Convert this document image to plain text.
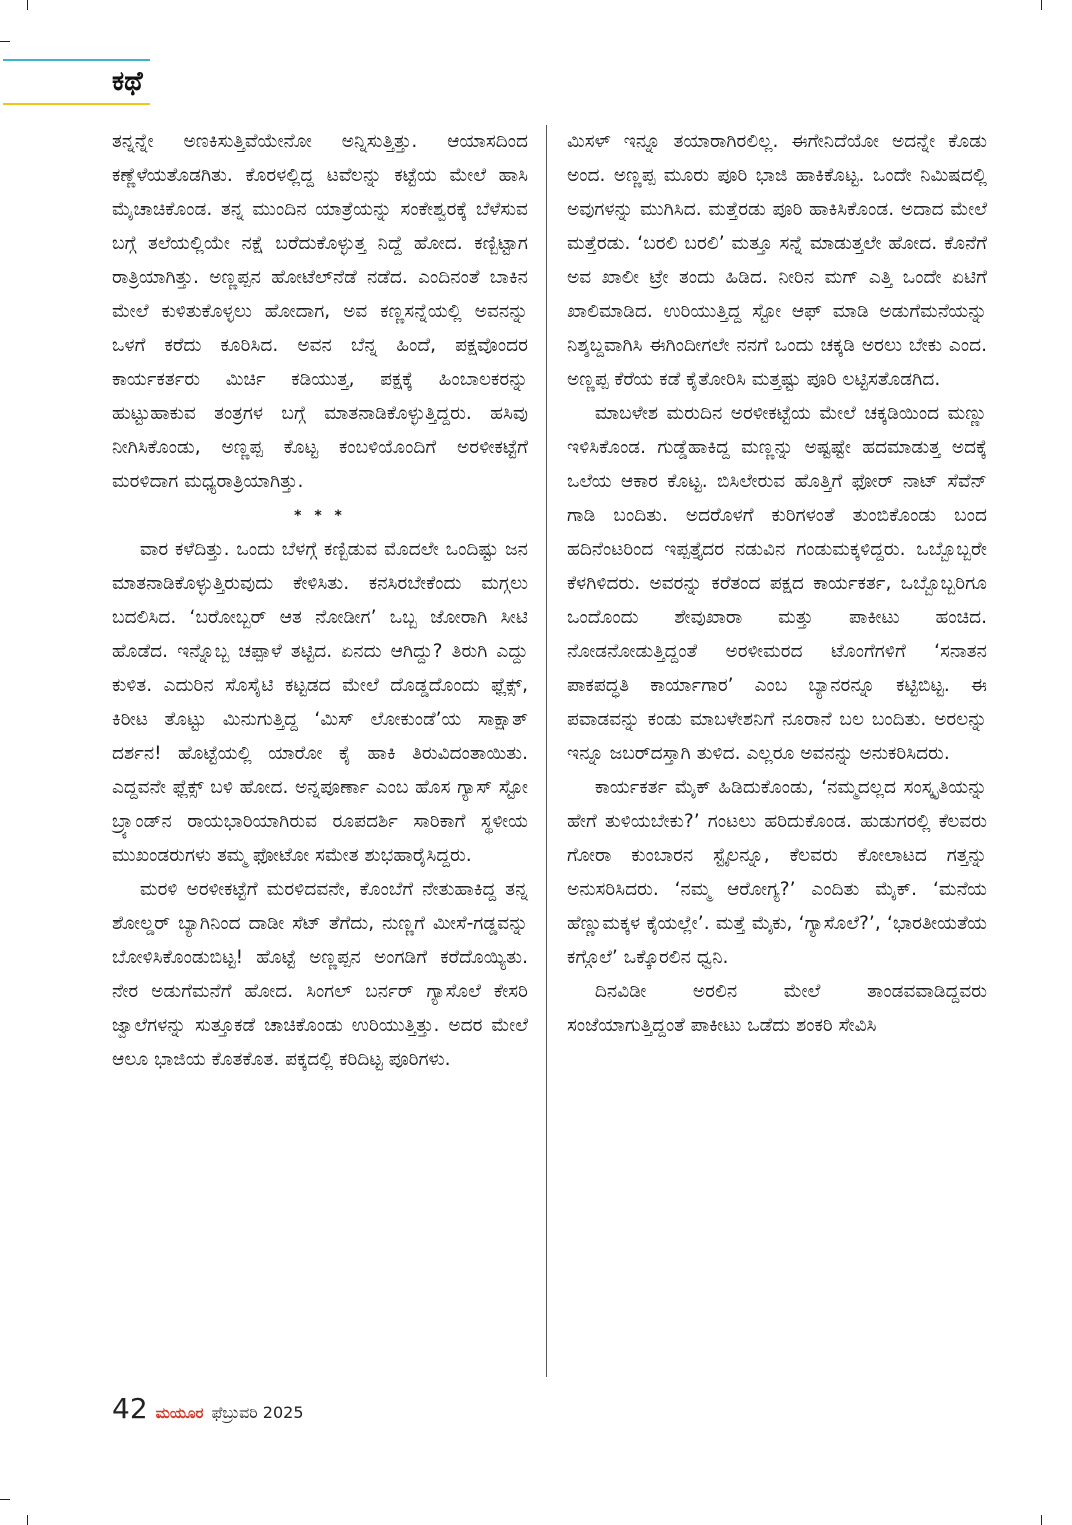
ಕಥೆ

ತನ್ನನ್ನೇ ಅಣಕಿಸುತ್ತಿವೆಯೇನೋ ಅನ್ನಿಸುತ್ತಿತ್ತು. ಆಯಾಸದಿಂದ ಕಣ್ಣೆಳೆಯತೊಡಗಿತು. ಕೊರಳಲ್ಲಿದ್ದ ಟವೆಲನ್ನು ಕಟ್ಟೆಯ ಮೇಲೆ ಹಾಸಿ ಮೈಚಾಚಿಕೊಂಡ. ತನ್ನ ಮುಂದಿನ ಯಾತ್ರೆಯನ್ನು ಸಂಕೇಶ್ವರಕ್ಕೆ ಬೆಳೆಸುವ ಬಗ್ಗೆ ತಲೆಯಲ್ಲಿಯೇ ನಕ್ಷೆ ಬರೆದುಕೊಳ್ಳುತ್ತ ನಿದ್ದೆ ಹೋದ. ಕಣ್ಬಿಟ್ಟಾಗ ರಾತ್ರಿಯಾಗಿತ್ತು. ಅಣ್ಣಪ್ಪನ ಹೋಟೆಲ್‌ನೆಡೆ ನಡೆದ. ಎಂದಿನಂತೆ ಬಾಕಿನ ಮೇಲೆ ಕುಳಿತುಕೊಳ್ಳಲು ಹೋದಾಗ, ಅವ ಕಣ್ಣಸನ್ನೆಯಲ್ಲಿ ಅವನನ್ನು ಒಳಗೆ ಕರೆದು ಕೂರಿಸಿದ. ಅವನ ಬೆನ್ನ ಹಿಂದೆ, ಪಕ್ಷವೊಂದರ ಕಾರ್ಯಕರ್ತರು ಮಿರ್ಚಿ ಕಡಿಯುತ್ತ, ಪಕ್ಷಕ್ಕೆ ಹಿಂಬಾಲಕರನ್ನು ಹುಟ್ಟುಹಾಕುವ ತಂತ್ರಗಳ ಬಗ್ಗೆ ಮಾತನಾಡಿಕೊಳ್ಳುತ್ತಿದ್ದರು. ಹಸಿವು ನೀಗಿಸಿಕೊಂಡು, ಅಣ್ಣಪ್ಪ ಕೊಟ್ಟ ಕಂಬಳಿಯೊಂದಿಗೆ ಅರಳೀಕಟ್ಟೆಗೆ ಮರಳಿದಾಗ ಮಧ್ಯರಾತ್ರಿಯಾಗಿತ್ತು.

* * *

ವಾರ ಕಳೆದಿತ್ತು. ಒಂದು ಬೆಳಗ್ಗೆ ಕಣ್ಬಿಡುವ ಮೊದಲೇ ಒಂದಿಷ್ಟು ಜನ ಮಾತನಾಡಿಕೊಳ್ಳುತ್ತಿರುವುದು ಕೇಳಿಸಿತು. ಕನಸಿರಬೇಕೆಂದು ಮಗ್ಗಲು ಬದಲಿಸಿದ. ‘ಬರೋಬ್ಬರ್ ಆತ ನೋಡೀಗ’ ಒಬ್ಬ ಜೋರಾಗಿ ಸೀಟಿ ಹೊಡೆದ. ಇನ್ನೊಬ್ಬ ಚಪ್ಪಾಳೆ ತಟ್ಟಿದ. ಏನದು ಆಗಿದ್ದು? ತಿರುಗಿ ಎದ್ದು ಕುಳಿತ. ಎದುರಿನ ಸೊಸೈಟಿ ಕಟ್ಟಡದ ಮೇಲೆ ದೊಡ್ಡದೊಂದು ಫ್ಲೆಕ್ಸ್, ಕಿರೀಟ ತೊಟ್ಟು ಮಿನುಗುತ್ತಿದ್ದ ‘ಮಿಸ್ ಲೋಕುಂಡೆ’ಯ ಸಾಕ್ಷಾತ್ ದರ್ಶನ! ಹೊಟ್ಟೆಯಲ್ಲಿ ಯಾರೋ ಕೈ ಹಾಕಿ ತಿರುವಿದಂತಾಯಿತು. ಎದ್ದವನೇ ಫ್ಲೆಕ್ಸ್ ಬಳಿ ಹೋದ. ಅನ್ನಪೂರ್ಣಾ ಎಂಬ ಹೊಸ ಗ್ಯಾಸ್ ಸ್ಟೋ ಬ್ರ್ಯಾಂಡ್‌ನ ರಾಯಭಾರಿಯಾಗಿರುವ ರೂಪದರ್ಶಿ ಸಾರಿಕಾಗೆ ಸ್ಥಳೀಯ ಮುಖಂಡರುಗಳು ತಮ್ಮ ಫೋಟೋ ಸಮೇತ ಶುಭಹಾರೈಸಿದ್ದರು.

ಮರಳಿ ಅರಳೀಕಟ್ಟೆಗೆ ಮರಳಿದವನೇ, ಕೊಂಬೆಗೆ ನೇತುಹಾಕಿದ್ದ ತನ್ನ ಶೋಲ್ಡರ್ ಬ್ಯಾಗಿನಿಂದ ದಾಡೀ ಸೆಟ್ ತೆಗೆದು, ನುಣ್ಣಗೆ ಮೀಸೆ-ಗಡ್ಡವನ್ನು ಬೋಳಿಸಿಕೊಂಡುಬಿಟ್ಟ! ಹೊಟ್ಟೆ ಅಣ್ಣಪ್ಪನ ಅಂಗಡಿಗೆ ಕರೆದೊಯ್ಯಿತು. ನೇರ ಅಡುಗೆಮನೆಗೆ ಹೋದ. ಸಿಂಗಲ್ ಬರ್ನರ್ ಗ್ಯಾಸೊಲೆ ಕೇಸರಿ ಜ್ವಾಲೆಗಳನ್ನು ಸುತ್ತೂಕಡೆ ಚಾಚಿಕೊಂಡು ಉರಿಯುತ್ತಿತ್ತು. ಅದರ ಮೇಲೆ ಆಲೂ ಭಾಜಿಯ ಕೊತಕೊತ. ಪಕ್ಕದಲ್ಲಿ ಕರಿದಿಟ್ಟ ಪೂರಿಗಳು.

ಮಿಸಳ್ ಇನ್ನೂ ತಯಾರಾಗಿರಲಿಲ್ಲ. ಈಗೇನಿದೆಯೋ ಅದನ್ನೇ ಕೊಡು ಅಂದ. ಅಣ್ಣಪ್ಪ ಮೂರು ಪೂರಿ ಭಾಜಿ ಹಾಕಿಕೊಟ್ಟ. ಒಂದೇ ನಿಮಿಷದಲ್ಲಿ ಅವುಗಳನ್ನು ಮುಗಿಸಿದ. ಮತ್ತೆರಡು ಪೂರಿ ಹಾಕಿಸಿಕೊಂಡ. ಅದಾದ ಮೇಲೆ ಮತ್ತೆರಡು. ‘ಬರಲಿ ಬರಲಿ’ ಮತ್ತೂ ಸನ್ನೆ ಮಾಡುತ್ತಲೇ ಹೋದ. ಕೊನೆಗೆ ಅವ ಖಾಲೀ ಟ್ರೇ ತಂದು ಹಿಡಿದ. ನೀರಿನ ಮಗ್ ಎತ್ತಿ ಒಂದೇ ಏಟಿಗೆ ಖಾಲಿಮಾಡಿದ. ಉರಿಯುತ್ತಿದ್ದ ಸ್ಟೋ ಆಫ್ ಮಾಡಿ ಅಡುಗೆಮನೆಯನ್ನು ನಿಶ್ಶಬ್ದವಾಗಿಸಿ ಈಗಿಂದೀಗಲೇ ನನಗೆ ಒಂದು ಚಕ್ಕಡಿ ಅರಲು ಬೇಕು ಎಂದ. ಅಣ್ಣಪ್ಪ ಕೆರೆಯ ಕಡೆ ಕೈತೋರಿಸಿ ಮತ್ತಷ್ಟು ಪೂರಿ ಲಟ್ಟಿಸತೊಡಗಿದ.

ಮಾಬಳೇಶ ಮರುದಿನ ಅರಳೀಕಟ್ಟೆಯ ಮೇಲೆ ಚಕ್ಕಡಿಯಿಂದ ಮಣ್ಣು ಇಳಿಸಿಕೊಂಡ. ಗುಡ್ಡೆಹಾಕಿದ್ದ ಮಣ್ಣನ್ನು ಅಷ್ಟಷ್ಟೇ ಹದಮಾಡುತ್ತ ಅದಕ್ಕೆ ಒಲೆಯ ಆಕಾರ ಕೊಟ್ಟ. ಬಿಸಿಲೇರುವ ಹೊತ್ತಿಗೆ ಫೋರ್ ನಾಟ್ ಸೆವೆನ್ ಗಾಡಿ ಬಂದಿತು. ಅದರೊಳಗೆ ಕುರಿಗಳಂತೆ ತುಂಬಿಕೊಂಡು ಬಂದ ಹದಿನೆಂಟರಿಂದ ಇಪ್ಪತ್ತೈದರ ನಡುವಿನ ಗಂಡುಮಕ್ಕಳಿದ್ದರು. ಒಬ್ಬೊಬ್ಬರೇ ಕೆಳಗಿಳಿದರು. ಅವರನ್ನು ಕರೆತಂದ ಪಕ್ಷದ ಕಾರ್ಯಕರ್ತ, ಒಬ್ಬೊಬ್ಬರಿಗೂ ಒಂದೊಂದು ಶೇವುಖಾರಾ ಮತ್ತು ಪಾಕೀಟು ಹಂಚಿದ. ನೋಡನೋಡುತ್ತಿದ್ದಂತೆ ಅರಳೀಮರದ ಟೊಂಗೆಗಳಿಗೆ ‘ಸನಾತನ ಪಾಕಪದ್ಧತಿ ಕಾರ್ಯಾಗಾರ’ ಎಂಬ ಬ್ಯಾನರನ್ನೂ ಕಟ್ಟಿಬಿಟ್ಟ. ಈ ಪವಾಡವನ್ನು ಕಂಡು ಮಾಬಳೇಶನಿಗೆ ನೂರಾನೆ ಬಲ ಬಂದಿತು. ಅರಲನ್ನು ಇನ್ನೂ ಜಬರ್‌ದಸ್ತಾಗಿ ತುಳಿದ. ಎಲ್ಲರೂ ಅವನನ್ನು ಅನುಕರಿಸಿದರು.

ಕಾರ್ಯಕರ್ತ ಮೈಕ್ ಹಿಡಿದುಕೊಂಡು, ‘ನಮ್ಮದಲ್ಲದ ಸಂಸ್ಕೃತಿಯನ್ನು ಹೇಗೆ ತುಳಿಯಬೇಕು?’ ಗಂಟಲು ಹರಿದುಕೊಂಡ. ಹುಡುಗರಲ್ಲಿ ಕೆಲವರು ಗೋರಾ ಕುಂಬಾರನ ಸ್ಟೈಲನ್ನೂ, ಕೆಲವರು ಕೋಲಾಟದ ಗತ್ತನ್ನು ಅನುಸರಿಸಿದರು. ‘ನಮ್ಮ ಆರೋಗ್ಯ?’ ಎಂದಿತು ಮೈಕ್. ‘ಮನೆಯ ಹೆಣ್ಣುಮಕ್ಕಳ ಕೈಯಲ್ಲೇ’. ಮತ್ತೆ ಮೈಕು, ‘ಗ್ಯಾಸೊಲೆ?’, ‘ಭಾರತೀಯತೆಯ ಕಗ್ಗೊಲೆ’ ಒಕ್ಕೊರಲಿನ ಧ್ವನಿ.

ದಿನವಿಡೀ ಅರಲಿನ ಮೇಲೆ ತಾಂಡವವಾಡಿದ್ದವರು ಸಂಜೆಯಾಗುತ್ತಿದ್ದಂತೆ ಪಾಕೀಟು ಒಡೆದು ಶಂಕರಿ ಸೇವಿಸಿ

42 ಮಯೂರ ಫೆಬ್ರುವರಿ 2025
